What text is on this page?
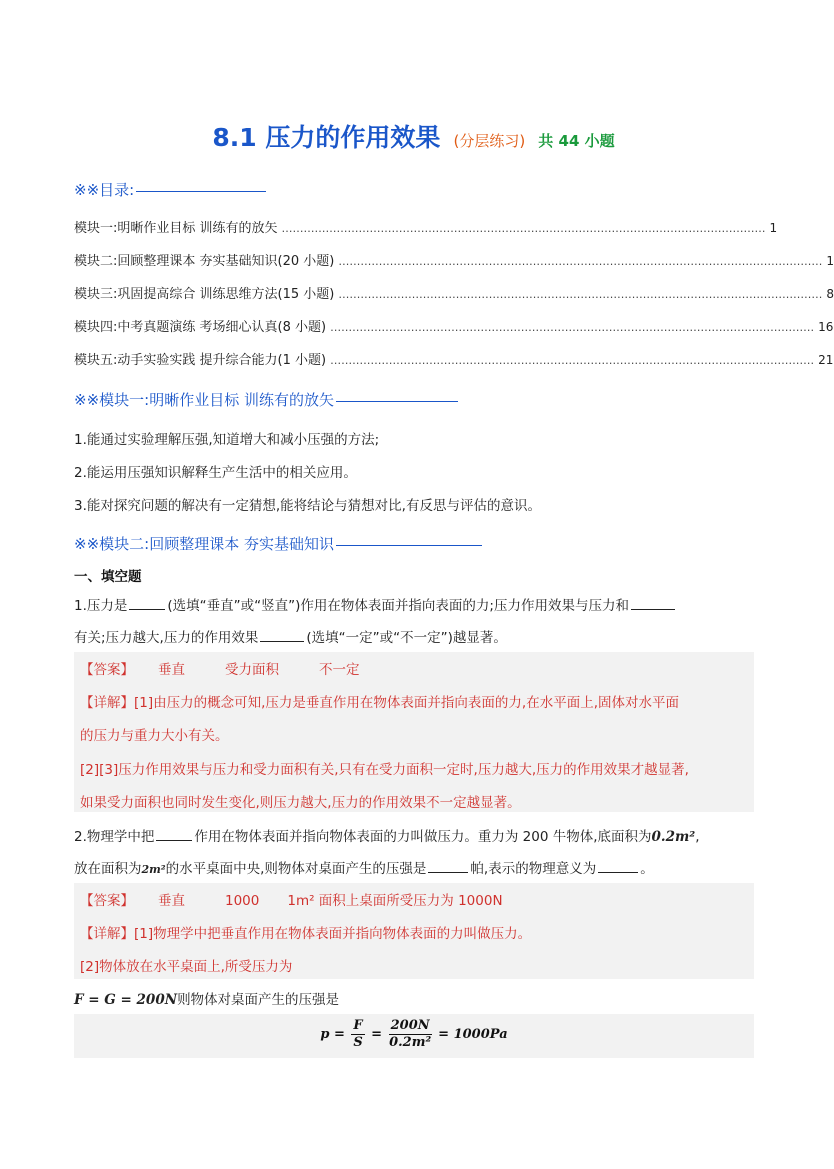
8.1 压力的作用效果 (分层练习) 共 44 小题
※※目录:
模块一:明晰作业目标 训练有的放矢 …………………………………………………………………………………………………………………… 1
模块二:回顾整理课本 夯实基础知识(20 小题) …………………………………………………………………………………………………………………… 1
模块三:巩固提高综合 训练思维方法(15 小题) …………………………………………………………………………………………………………………… 8
模块四:中考真题演练 考场细心认真(8 小题) …………………………………………………………………………………………………………………… 16
模块五:动手实验实践 提升综合能力(1 小题) …………………………………………………………………………………………………………………… 21
※※模块一:明晰作业目标 训练有的放矢
1.能通过实验理解压强,知道增大和减小压强的方法;
2.能运用压强知识解释生产生活中的相关应用。
3.能对探究问题的解决有一定猜想,能将结论与猜想对比,有反思与评估的意识。
※※模块二:回顾整理课本 夯实基础知识
一、填空题
1.压力是	(选填“垂直”或“竖直”)作用在物体表面并指向表面的力;压力作用效果与压力和
有关;压力越大,压力的作用效果	(选填“一定”或“不一定”)越显著。
【答案】 垂直	受力面积	不一定
【详解】[1]由压力的概念可知,压力是垂直作用在物体表面并指向表面的力,在水平面上,固体对水平面
的压力与重力大小有关。
[2][3]压力作用效果与压力和受力面积有关,只有在受力面积一定时,压力越大,压力的作用效果才越显著,
如果受力面积也同时发生变化,则压力越大,压力的作用效果不一定越显著。
2.物理学中把	作用在物体表面并指向物体表面的力叫做压力。重力为 200 牛物体,底面积为0.2m²,
放在面积为2m²的水平桌面中央,则物体对桌面产生的压强是	帕,表示的物理意义为	。
【答案】 垂直	1000 1m² 面积上桌面所受压力为 1000N
【详解】[1]物理学中把垂直作用在物体表面并指向物体表面的力叫做压力。
[2]物体放在水平桌面上,所受压力为
F = G = 200N则物体对桌面产生的压强是
$p = \frac{F}{S} = \frac{200N}{\text{0.2m²}} = 1000Pa$
